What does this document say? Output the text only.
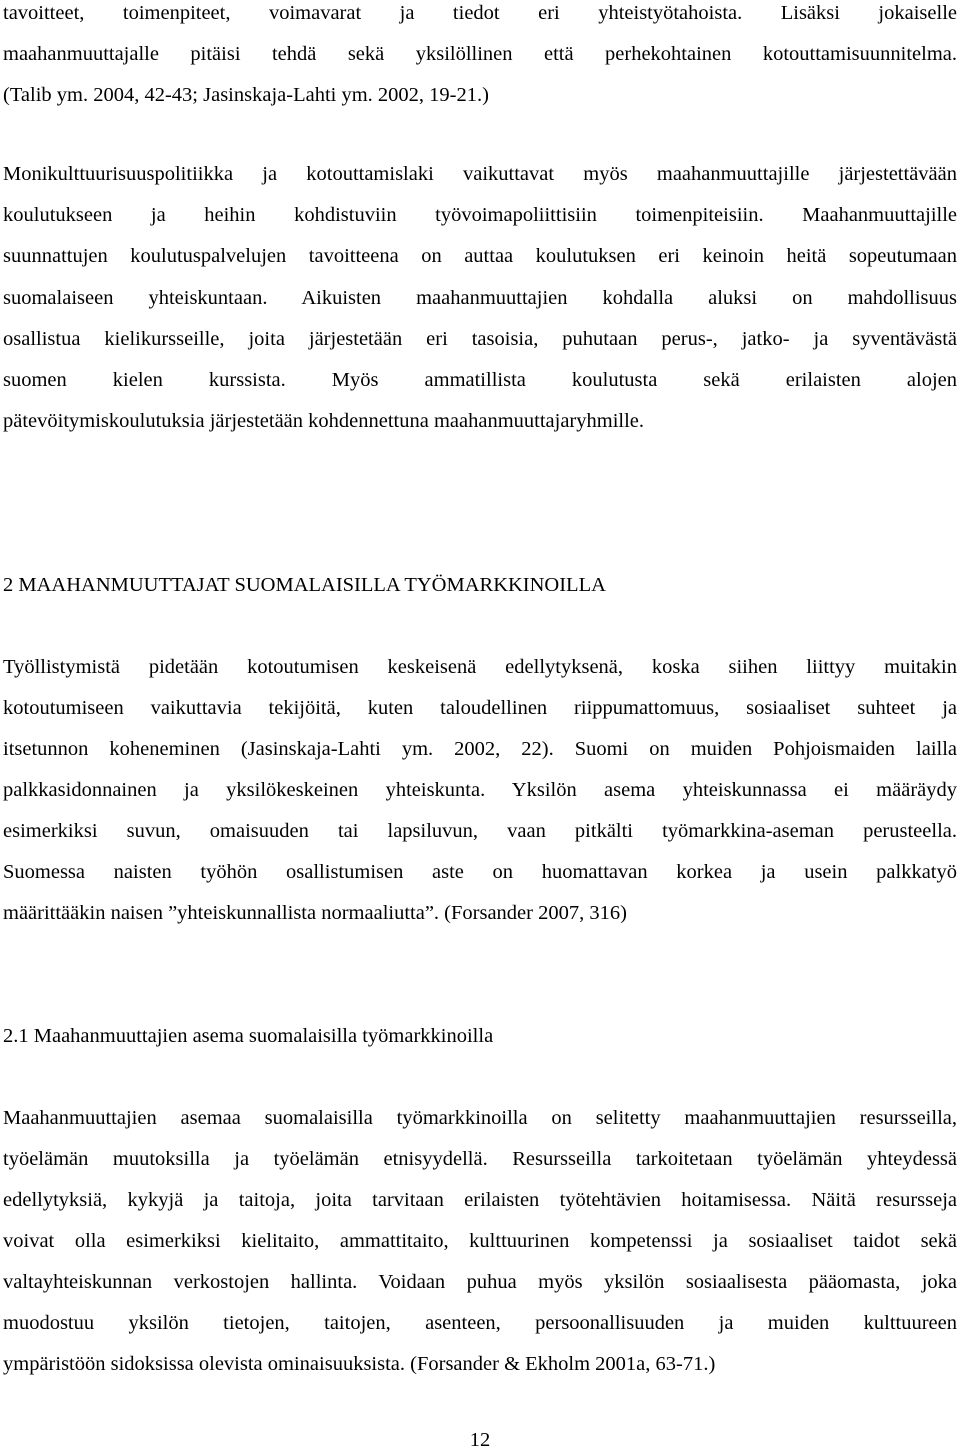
tavoitteet, toimenpiteet, voimavarat ja tiedot eri yhteistyötahoista. Lisäksi jokaiselle
maahanmuuttajalle pitäisi tehdä sekä yksilöllinen että perhekohtainen kotouttamisuunnitelma.
(Talib ym. 2004, 42-43; Jasinskaja-Lahti ym. 2002, 19-21.)
Monikulttuurisuuspolitiikka ja kotouttamislaki vaikuttavat myös maahanmuuttajille järjestettävään
koulutukseen ja heihin kohdistuviin työvoimapoliittisiin toimenpiteisiin. Maahanmuuttajille
suunnattujen koulutuspalvelujen tavoitteena on auttaa koulutuksen eri keinoin heitä sopeutumaan
suomalaiseen yhteiskuntaan. Aikuisten maahanmuuttajien kohdalla aluksi on mahdollisuus
osallistua kielikursseille, joita järjestetään eri tasoisia, puhutaan perus-, jatko- ja syventävästä
suomen kielen kurssista. Myös ammatillista koulutusta sekä erilaisten alojen
pätevöitymiskoulutuksia järjestetään kohdennettuna maahanmuuttajaryhmille.
2 MAAHANMUUTTAJAT SUOMALAISILLA TYÖMARKKINOILLA
Työllistymistä pidetään kotoutumisen keskeisenä edellytyksenä, koska siihen liittyy muitakin
kotoutumiseen vaikuttavia tekijöitä, kuten taloudellinen riippumattomuus, sosiaaliset suhteet ja
itsetunnon koheneminen (Jasinskaja-Lahti ym. 2002, 22). Suomi on muiden Pohjoismaiden lailla
palkkasidonnainen ja yksilökeskeinen yhteiskunta. Yksilön asema yhteiskunnassa ei määräydy
esimerkiksi suvun, omaisuuden tai lapsiluvun, vaan pitkälti työmarkkina-aseman perusteella.
Suomessa naisten työhön osallistumisen aste on huomattavan korkea ja usein palkkatyö
määrittääkin naisen ”yhteiskunnallista normaaliutta”. (Forsander 2007, 316)
2.1 Maahanmuuttajien asema suomalaisilla työmarkkinoilla
Maahanmuuttajien asemaa suomalaisilla työmarkkinoilla on selitetty maahanmuuttajien resursseilla,
työelämän muutoksilla ja työelämän etnisyydellä. Resursseilla tarkoitetaan työelämän yhteydessä
edellytyksiä, kykyjä ja taitoja, joita tarvitaan erilaisten työtehtävien hoitamisessa. Näitä resursseja
voivat olla esimerkiksi kielitaito, ammattitaito, kulttuurinen kompetenssi ja sosiaaliset taidot sekä
valtayhteiskunnan verkostojen hallinta. Voidaan puhua myös yksilön sosiaalisesta pääomasta, joka
muodostuu yksilön tietojen, taitojen, asenteen, persoonallisuuden ja muiden kulttuureen
ympäristöön sidoksissa olevista ominaisuuksista. (Forsander & Ekholm 2001a, 63-71.)
12
